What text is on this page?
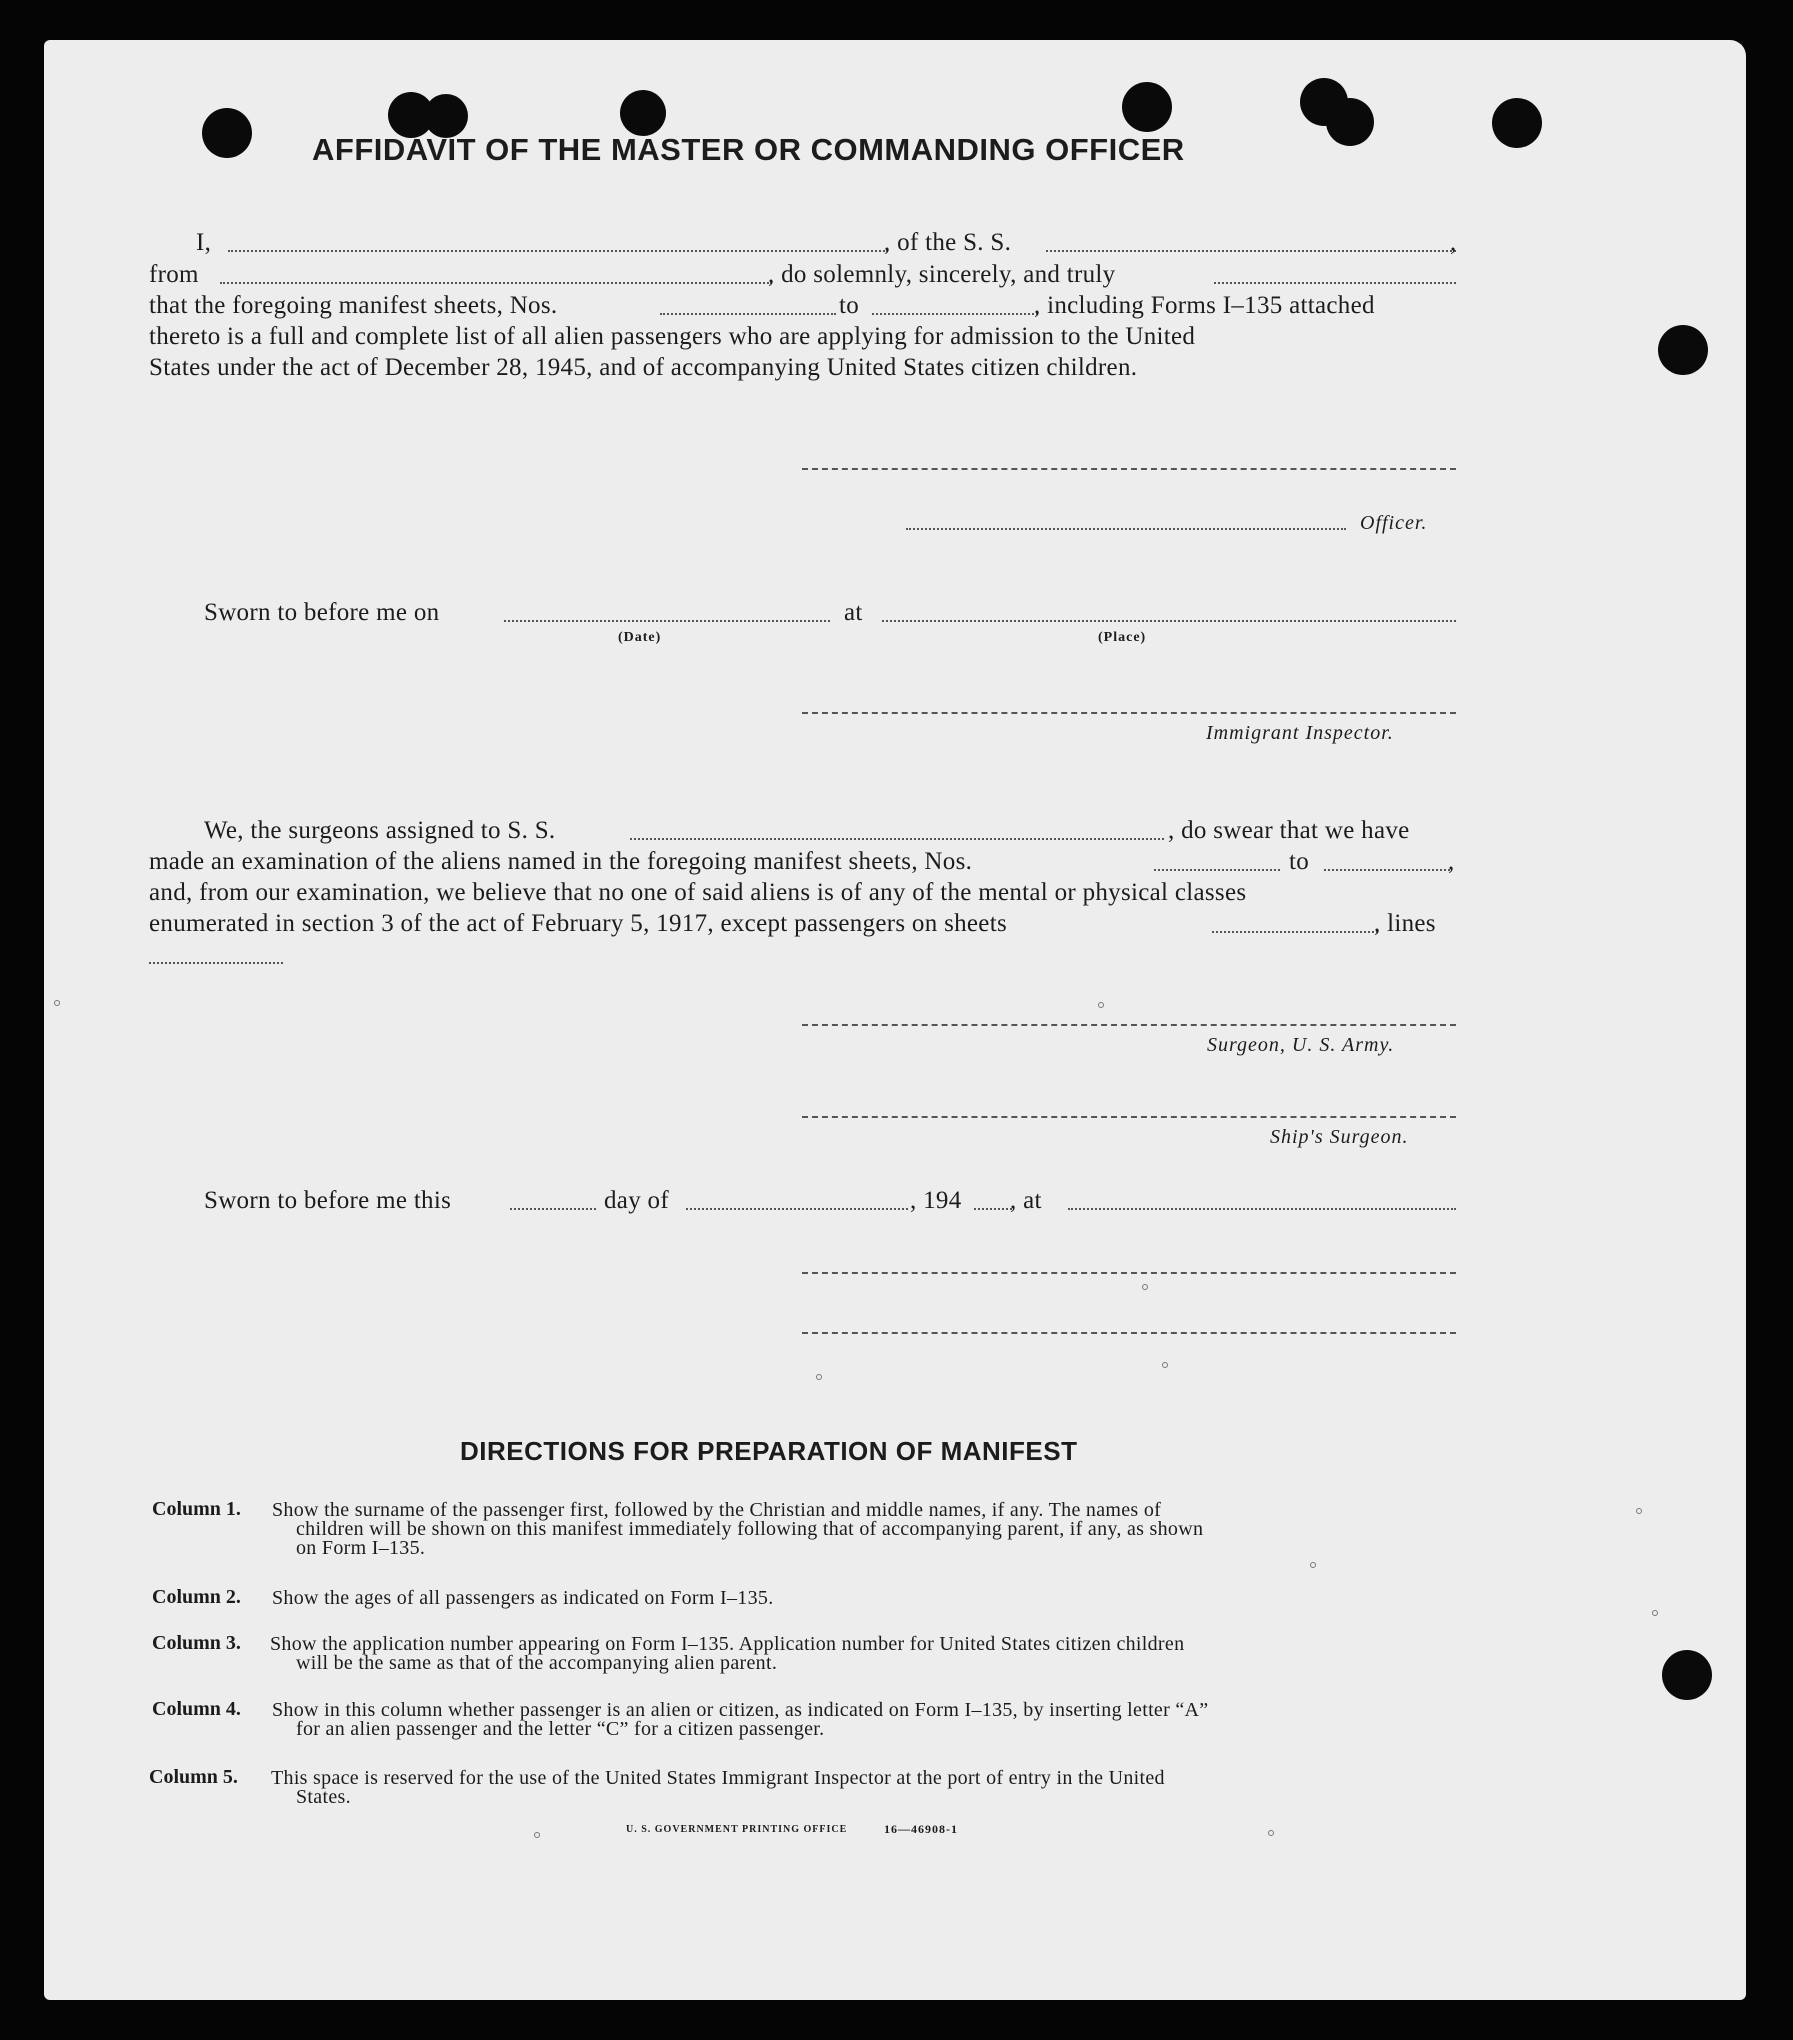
AFFIDAVIT OF THE MASTER OR COMMANDING OFFICER
I,	, of the S. S.	,
from	, do solemnly, sincerely, and truly
that the foregoing manifest sheets, Nos.	to	, including Forms I–135 attached
thereto is a full and complete list of all alien passengers who are applying for admission to the United
States under the act of December 28, 1945, and of accompanying United States citizen children.
Officer.
Sworn to before me on
(Date)
at
(Place)
Immigrant Inspector.
We, the surgeons assigned to S. S.	, do swear that we have
made an examination of the aliens named in the foregoing manifest sheets, Nos.	to	,
and, from our examination, we believe that no one of said aliens is of any of the mental or physical classes
enumerated in section 3 of the act of February 5, 1917, except passengers on sheets	, lines
Surgeon, U. S. Army.
Ship's Surgeon.
Sworn to before me this	day of	, 194 , at
DIRECTIONS FOR PREPARATION OF MANIFEST
Column 1. Show the surname of the passenger first, followed by the Christian and middle names, if any. The names of
children will be shown on this manifest immediately following that of accompanying parent, if any, as shown
on Form I–135.
Column 2. Show the ages of all passengers as indicated on Form I–135.
Column 3. Show the application number appearing on Form I–135. Application number for United States citizen children
will be the same as that of the accompanying alien parent.
Column 4. Show in this column whether passenger is an alien or citizen, as indicated on Form I–135, by inserting letter “A”
for an alien passenger and the letter “C” for a citizen passenger.
Column 5. This space is reserved for the use of the United States Immigrant Inspector at the port of entry in the United
States.
U. S. GOVERNMENT PRINTING OFFICE	16—46908-1
